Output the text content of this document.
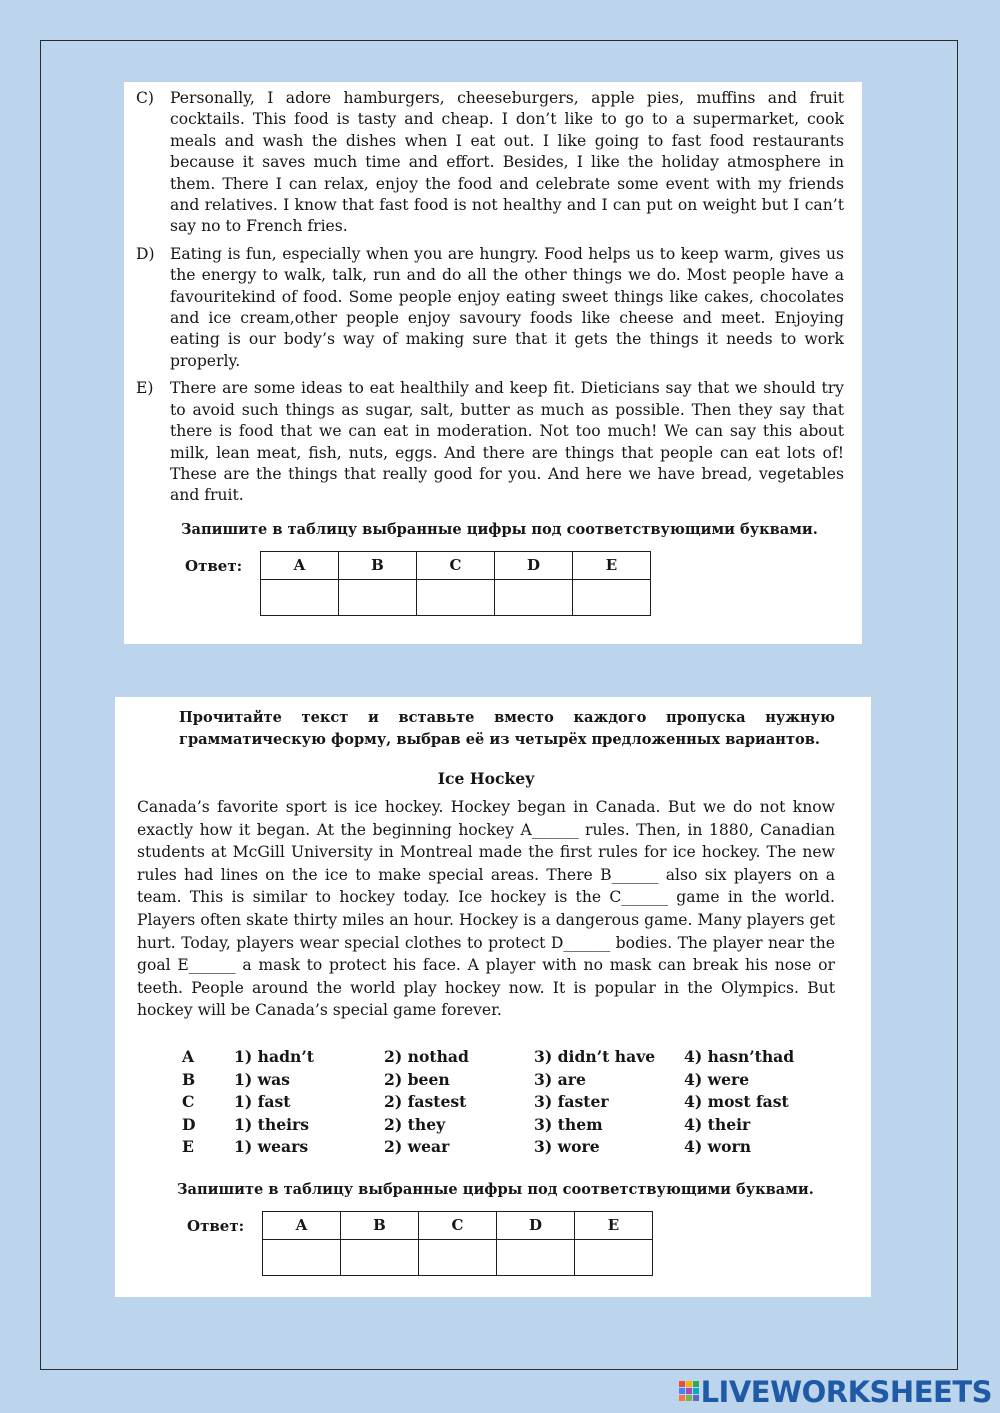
C)	Personally, I adore hamburgers, cheeseburgers, apple pies, muffins and fruit cocktails. This food is tasty and cheap. I don’t like to go to a supermarket, cook meals and wash the dishes when I eat out. I like going to fast food restaurants because it saves much time and effort. Besides, I like the holiday atmosphere in them. There I can relax, enjoy the food and celebrate some event with my friends and relatives. I know that fast food is not healthy and I can put on weight but I can’t say no to French fries.
D) Eating is fun, especially when you are hungry. Food helps us to keep warm, gives us the energy to walk, talk, run and do all the other things we do. Most people have a favouritekind of food. Some people enjoy eating sweet things like cakes, chocolates and ice cream,other people enjoy savoury foods like cheese and meet. Enjoying eating is our body’s way of making sure that it gets the things it needs to work properly.
E)	There are some ideas to eat healthily and keep fit. Dieticians say that we should try to avoid such things as sugar, salt, butter as much as possible. Then they say that there is food that we can eat in moderation. Not too much! We can say this about milk, lean meat, fish, nuts, eggs. And there are things that people can eat lots of! These are the things that really good for you. And here we have bread, vegetables and fruit.
Запишите в таблицу выбранные цифры под соответствующими буквами.
Ответ:	A	B	C	D	E

Прочитайте текст и вставьте вместо каждого пропуска нужную грамматическую форму, выбрав её из четырёх предложенных вариантов.
Ice Hockey

Canada’s favorite sport is ice hockey. Hockey began in Canada. But we do not know exactly how it began. At the beginning hockey A______ rules. Then, in 1880, Canadian students at McGill University in Montreal made the first rules for ice hockey. The new rules had lines on the ice to make special areas. There B______ also six players on a team. This is similar to hockey today. Ice hockey is the C______ game in the world. Players often skate thirty miles an hour. Hockey is a dangerous game. Many players get hurt. Today, players wear special clothes to protect D______ bodies. The player near the goal E______ a mask to protect his face. A player with no mask can break his nose or teeth. People around the world play hockey now. It is popular in the Olympics. But hockey will be Canada’s special game forever.

A	1) hadn’t	2) nothad	3) didn’t have	4) hasn’thad
B	1) was	2) been	3) are	4) were
C	1) fast	2) fastest	3) faster	4) most fast
D	1) theirs	2) they	3) them	4) their
E	1) wears	2) wear	3) wore	4) worn
Запишите в таблицу выбранные цифры под соответствующими буквами.
Ответ:	A	B	C	D	E

LIVEWORKSHEETS
